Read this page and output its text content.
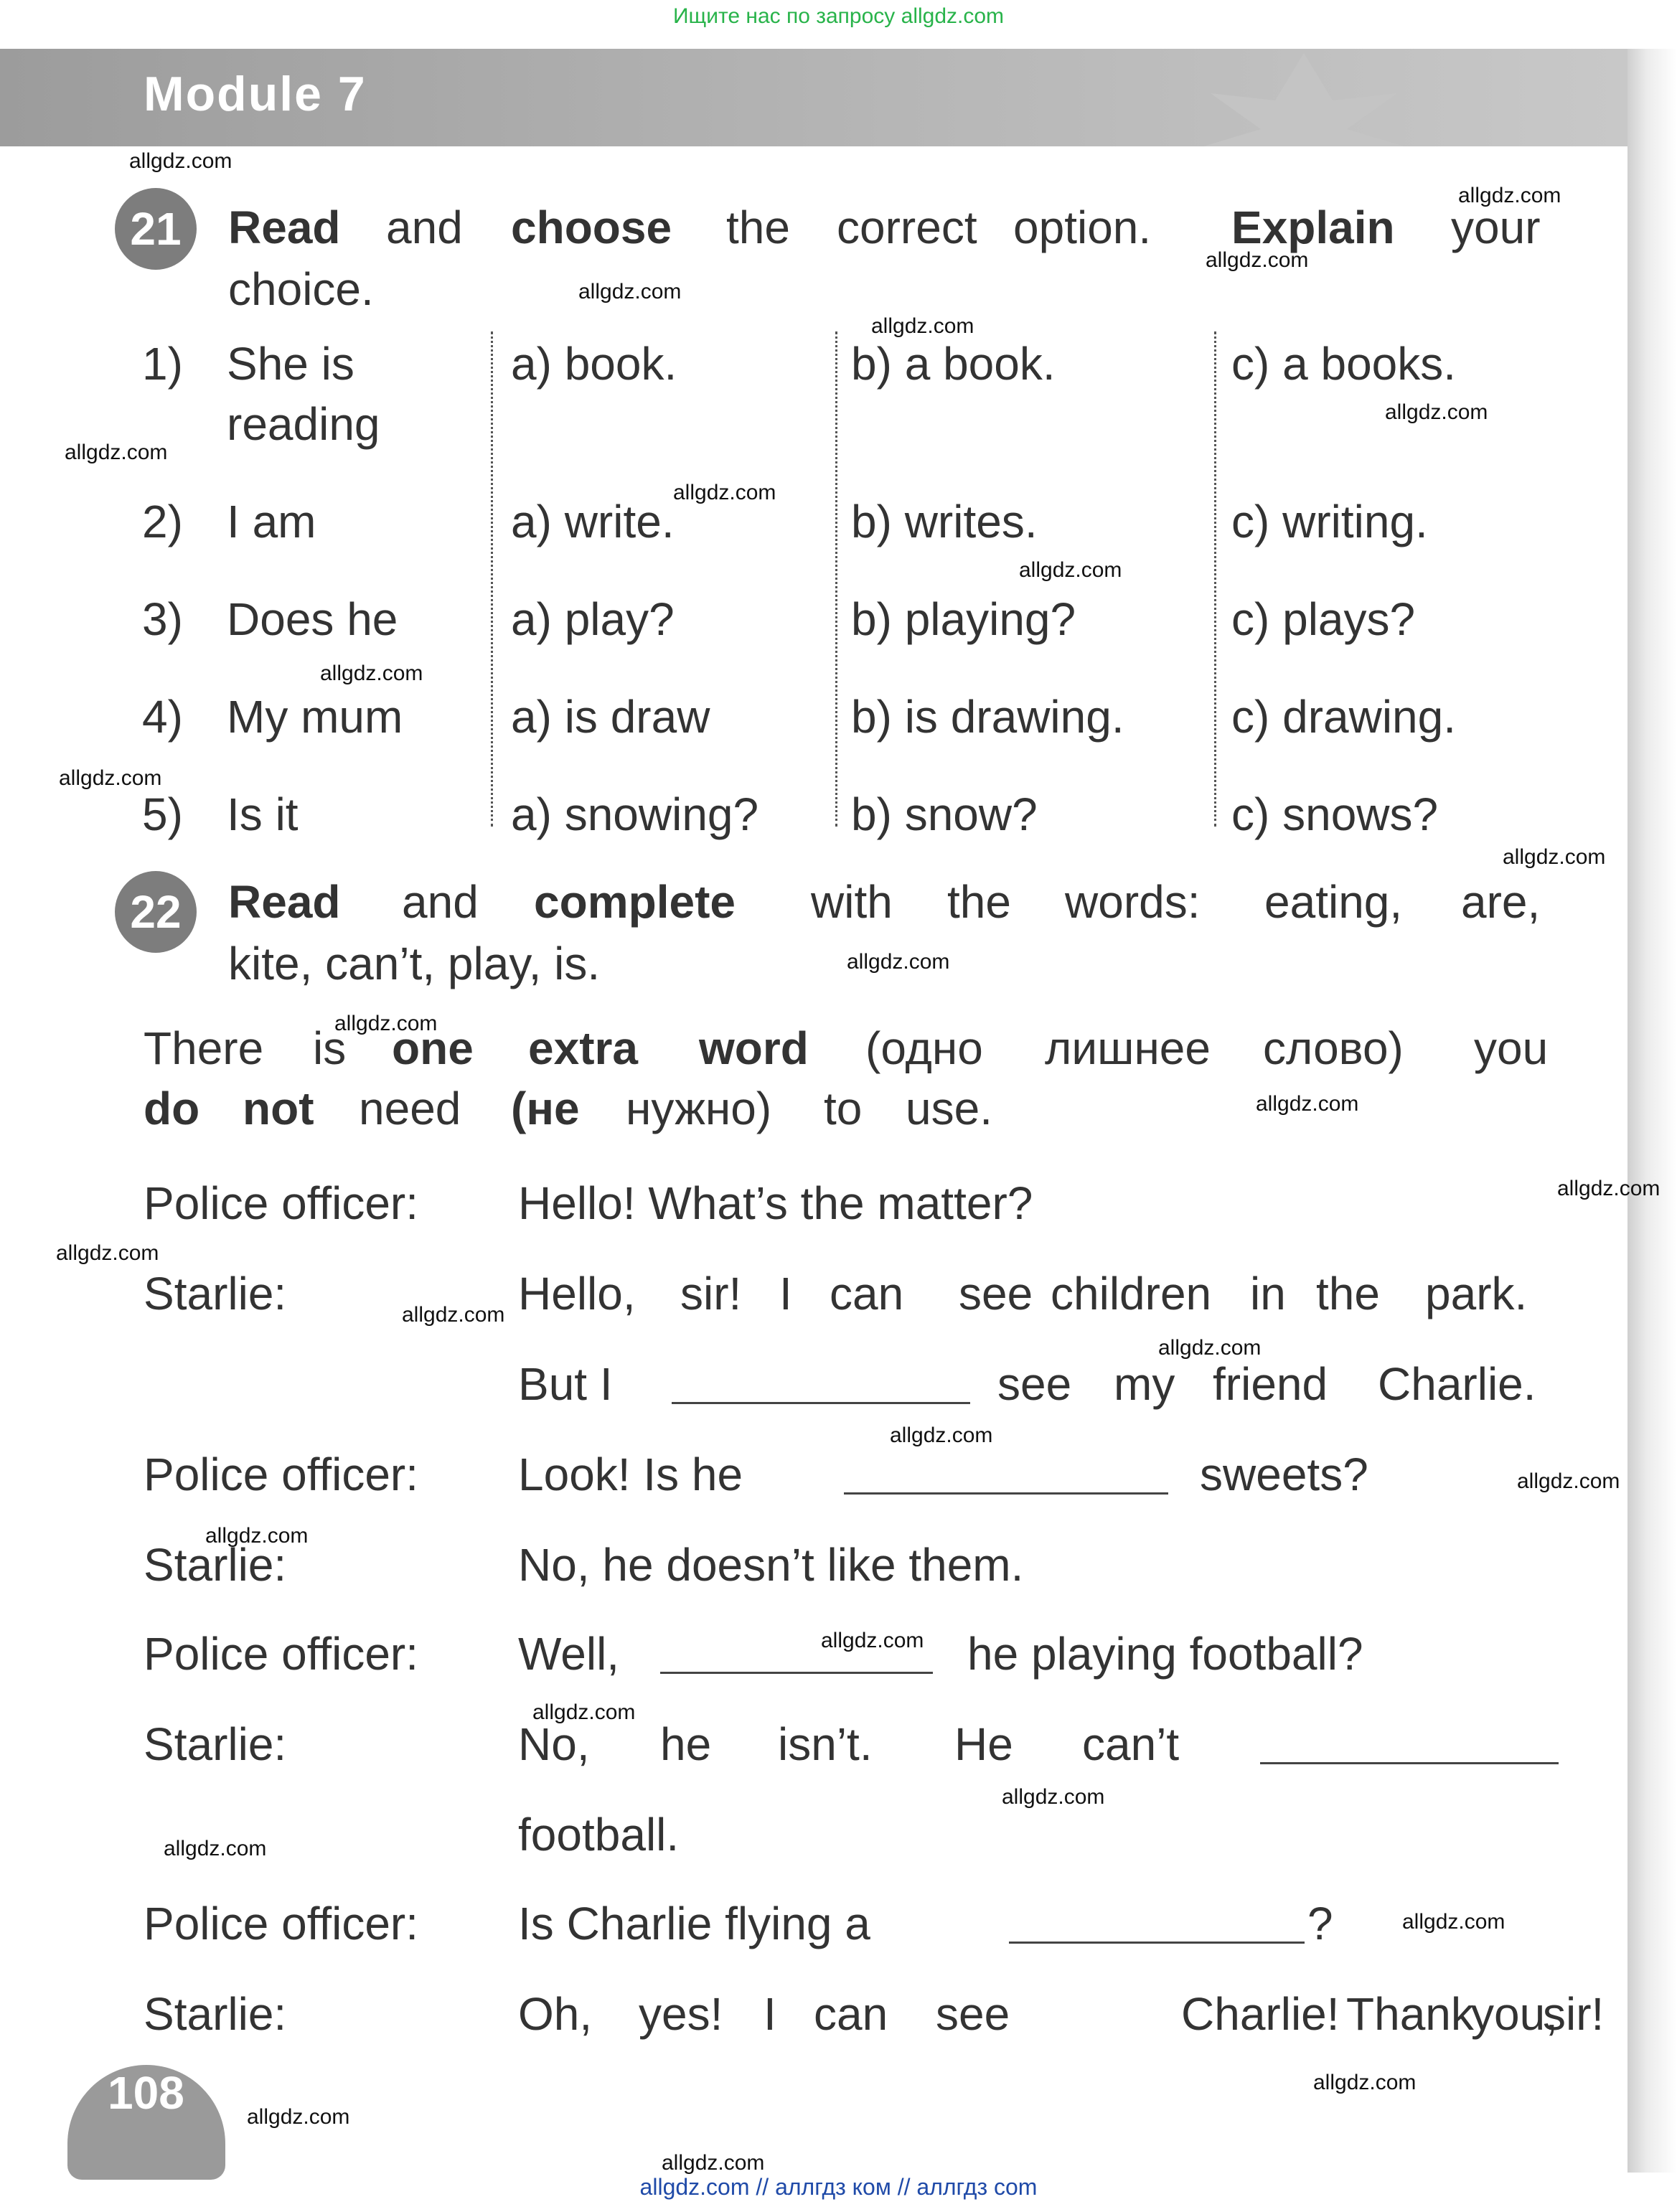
Ищите нас по запросу allgdz.com
Module 7
21	Read and choose the correct option. Explain your
choice.
1) She is
reading
a) book.	b) a book.	c) a books.
2) I am	a) write.	b) writes.	c) writing.
3) Does he a) play?	b) playing?	c) plays?
4) My mum a) is draw	b) is drawing. c) drawing.
5) Is it	a) snowing? b) snow?	c) snows?
22	Read and complete with the words: eating, are,
kite, can’t, play, is.
There is one extra word (одно лишнее слово) you
do not need (не нужно) to use.
Police officer: Hello! What’s the matter?
Starlie:	Hello, sir! I can see children in the park.
But I	see my friend Charlie.
Police officer: Look! Is he	sweets?
Starlie:	No, he doesn’t like them.
Police officer: Well,	he playing football?
Starlie:	No, he isn’t. He can’t
football.
Police officer: Is Charlie flying a	?
Starlie:	Oh, yes! I can see	Charlie! Thank
you,
sir!
108
allgdz.com
allgdz.com
allgdz.com
allgdz.com
allgdz.com
allgdz.com
allgdz.com
allgdz.com
allgdz.com
allgdz.com
allgdz.com
allgdz.com
allgdz.com
allgdz.com
allgdz.com
allgdz.com
allgdz.com
allgdz.com
allgdz.com
allgdz.com
allgdz.com
allgdz.com
allgdz.com
allgdz.com
allgdz.com
allgdz.com
allgdz.com
allgdz.com
allgdz.com
allgdz.com
allgdz.com // аллгдз ком // аллгдз com
